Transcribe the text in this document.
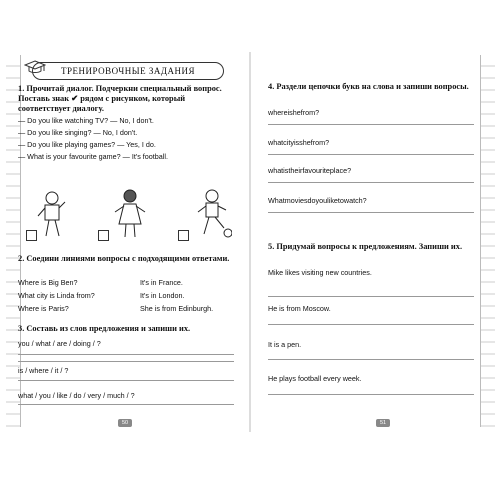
ТРЕНИРОВОЧНЫЕ ЗАДАНИЯ
1. Прочитай диалог. Подчеркни специальный вопрос. Поставь знак ✔ рядом с рисунком, который соответствует диалогу.
— Do you like watching TV? — No, I don't.
— Do you like singing? — No, I don't.
— Do you like playing games? — Yes, I do.
— What is your favourite game? — It's football.
2. Соедини линиями вопросы с подходящими ответами.
Where is Big Ben?
What city is Linda from?
Where is Paris?
It's in France.
It's in London.
She is from Edinburgh.
3. Составь из слов предложения и запиши их.
you / what / are / doing / ?
is / where / it / ?
what / you / like / do / very / much / ?
50
4. Раздели цепочки букв на слова и запиши вопросы.
whereishefrom?
whatcityisshefrom?
whatistheirfavouriteplace?
Whatmoviesdoyouliketowatch?
5. Придумай вопросы к предложениям. Запиши их.
Mike likes visiting new countries.
He is from Moscow.
It is a pen.
He plays football every week.
51
